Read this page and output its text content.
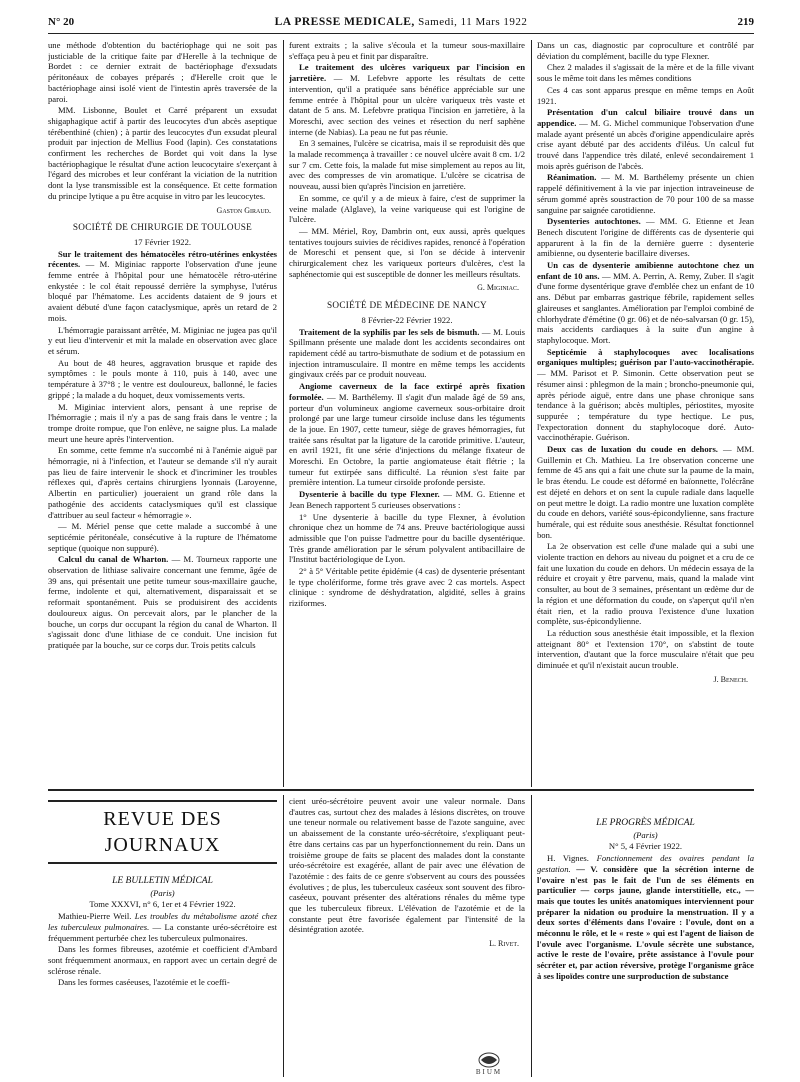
N° 20	LA PRESSE MEDICALE, Samedi, 11 Mars 1922	219

une méthode d'obtention du bactériophage qui ne soit pas justiciable de la critique faite par d'Herelle à la technique de Bordet : ce dernier extrait de bactériophage d'exsudats péritonéaux de cobayes préparés ; d'Herelle croit que le bactériophage ainsi isolé vient de l'intestin après traversée de la paroi.

MM. Lisbonne, Boulet et Carré préparent un exsudat shigaphagique actif à partir des leucocytes d'un abcès aseptique térébenthiné (chien) ; à partir des leucocytes d'un exsudat pleural produit par injection de Mellius Food (lapin). Ces constatations confirment les recherches de Bordet qui voit dans la lyse bactériophagique le résultat d'une action leucocytaire s'exerçant à l'égard des microbes et leur conférant la viciation de la nutrition dont la lyse transmissible est la conséquence. Et cette formation du principe lytique a pu être acquise in vitro par les leucocytes.

Gaston Giraud.

SOCIÉTÉ DE CHIRURGIE DE TOULOUSE

17 Février 1922.

Sur le traitement des hématocèles rétro-utérines enkystées récentes. — M. Miginiac rapporte l'observation d'une jeune femme entrée à l'hôpital pour une hématocèle rétro-utérine enkystée : le col était repoussé derrière la symphyse, l'utérus bloqué par l'hématome. Les accidents dataient de 9 jours et avaient débuté d'une façon cataclysmique, après un retard de 2 mois.

L'hémorragie paraissant arrêtée, M. Miginiac ne jugea pas qu'il y eut lieu d'intervenir et mit la malade en observation avec glace et sérum.

Au bout de 48 heures, aggravation brusque et rapide des symptômes : le pouls monte à 110, puis à 140, avec une température à 37°8 ; le ventre est douloureux, ballonné, le facies grippé ; la malade a du hoquet, deux vomissements verts.

M. Miginiac intervient alors, pensant à une reprise de l'hémorragie ; mais il n'y a pas de sang frais dans le ventre ; la trompe droite rompue, que l'on enlève, ne saigne plus. La malade meurt une heure après l'intervention.

En somme, cette femme n'a succombé ni à l'anémie aiguë par hémorragie, ni à l'infection, et l'auteur se demande s'il n'y aurait pas lieu de faire intervenir le shock et d'incriminer les troubles réflexes qui, d'après certains chirurgiens lyonnais (Laroyenne, Albertin en particulier) joueraient un grand rôle dans la pathogénie des accidents cataclysmiques qu'il est classique d'attribuer au seul facteur « hémorragie ».

— M. Mériel pense que cette malade a succombé à une septicémie péritonéale, consécutive à la rupture de l'hématome septique (quoique non suppuré).

Calcul du canal de Wharton. — M. Tourneux rapporte une observation de lithiase salivaire concernant une femme, âgée de 39 ans, qui présentait une petite tumeur sous-maxillaire gauche, ferme, indolente et qui, alternativement, disparaissait et se reformait spontanément. Puis se produisirent des accidents douloureux aigus. On percevait alors, par le plancher de la bouche, un corps dur occupant la région du canal de Wharton. Il s'agissait donc d'une lithiase de ce conduit. Une incision fut pratiquée par la bouche, sur ce corps dur. Trois petits calculs

furent extraits ; la salive s'écoula et la tumeur sous-maxillaire s'effaça peu à peu et finit par disparaître.

Le traitement des ulcères variqueux par l'incision en jarretière. — M. Lefebvre apporte les résultats de cette intervention, qu'il a pratiquée sans bénéfice appréciable sur une femme entrée à l'hôpital pour un ulcère variqueux très vaste et datant de 5 ans. M. Lefebvre pratiqua l'incision en jarretière, à la Moreschi, avec section des veines et résection du nerf saphène interne (de Nabias). La peau ne fut pas réunie.

En 3 semaines, l'ulcère se cicatrisa, mais il se reproduisit dès que la malade recommença à travailler : ce nouvel ulcère avait 8 cm. 1/2 sur 7 cm. Cette fois, la malade fut mise simplement au repos au lit, avec des compresses de vin aromatique. L'ulcère se cicatrisa de nouveau, aussi bien qu'après l'incision en jarretière.

En somme, ce qu'il y a de mieux à faire, c'est de supprimer la veine malade (Alglave), la veine variqueuse qui est l'origine de l'ulcère.

— MM. Mériel, Roy, Dambrin ont, eux aussi, après quelques tentatives toujours suivies de récidives rapides, renoncé à l'opération de Moreschi et pensent que, si l'on se décide à intervenir chirurgicalement chez les variqueux porteurs d'ulcères, c'est la saphénectomie qui est susceptible de donner les meilleurs résultats.

G. Miginiac.

SOCIÉTÉ DE MÉDECINE DE NANCY

8 Février-22 Février 1922.

Traitement de la syphilis par les sels de bismuth. — M. Louis Spillmann présente une malade dont les accidents secondaires ont rapidement cédé au tartro-bismuthate de sodium et de potassium en injection intramusculaire. Il montre en même temps les accidents gingivaux créés par ce produit nouveau.

Angiome caverneux de la face extirpé après fixation formolée. — M. Barthélemy. Il s'agit d'un malade âgé de 59 ans, porteur d'un volumineux angiome caverneux sous-orbitaire droit prolongé par une large tumeur cirsoïde incluse dans les téguments de la joue. En 1907, cette tumeur, siège de graves hémorragies, fut traitée sans résultat par la ligature de la carotide primitive. L'auteur, en avril 1921, fit une série d'injections du mélange fixateur de Moreschi. En Octobre, la partie angiomateuse était flétrie ; la tumeur fut extirpée sans difficulté. La réunion s'est faite par première intention. La tumeur cirsoïde profonde persiste.

Dysenterie à bacille du type Flexner. — MM. G. Etienne et Jean Benech rapportent 5 curieuses observations :

1° Une dysenterie à bacille du type Flexner, à évolution chronique chez un homme de 74 ans. Preuve bactériologique aussi admissible que l'on puisse l'admettre pour du bacille dysentérique. Très grande amélioration par le sérum polyvalent antibacillaire de l'Institut bactériologique de Lyon.

2° à 5° Véritable petite épidémie (4 cas) de dysenterie présentant le type cholériforme, forme très grave avec 2 cas mortels. Aspect clinique : syndrome de déshydratation, algidité, selles à grains riziformes.

Dans un cas, diagnostic par coproculture et contrôlé par déviation du complément, bacille du type Flexner.

Chez 2 malades il s'agissait de la mère et de la fille vivant sous le même toit dans les mêmes conditions

Ces 4 cas sont apparus presque en même temps en Août 1921.

Présentation d'un calcul biliaire trouvé dans un appendice. — M. G. Michel communique l'observation d'une malade ayant présenté un abcès d'origine appendiculaire après crise ayant débuté par des accidents d'iléus. Un calcul fut trouvé dans l'appendice très dilaté, enlevé secondairement 1 mois après guérison de l'abcès.

Réanimation. — M. M. Barthélemy présente un chien rappelé définitivement à la vie par injection intraveineuse de sérum gommé après soustraction de 70 pour 100 de sa masse sanguine par saignée carotidienne.

Dysenteries autochtones. — MM. G. Etienne et Jean Benech discutent l'origine de différents cas de dysenterie qui apparurent à la fin de la dernière guerre : dysenterie amibienne, ou dysenterie bacillaire diverses.

Un cas de dysenterie amibienne autochtone chez un enfant de 10 ans. — MM. A. Perrin, A. Remy, Zuber. Il s'agit d'une forme dysentérique grave d'emblée chez un enfant de 10 ans. Début par embarras gastrique fébrile, rapidement selles glaireuses et sanglantes. Amélioration par l'emploi combiné de chlorhydrate d'émétine (0 gr. 06) et de néo-salvarsan (0 gr. 15), mais accidents cardiaques à la suite d'un angine à staphylocoque. Mort.

Septicémie à staphylocoques avec localisations organiques multiples; guérison par l'auto-vaccinothérapie. — MM. Parisot et P. Simonin. Cette observation peut se résumer ainsi : phlegmon de la main ; broncho-pneumonie qui, après période aiguë, entre dans une phase chronique sans tendance à la guérison; abcès multiples, périostites, myosite suppurée ; température du type hectique. Le pus, l'expectoration donnent du staphylocoque doré. Auto-vaccinothérapie. Guérison.

Deux cas de luxation du coude en dehors. — MM. Guillemin et Ch. Mathieu. La 1re observation concerne une femme de 45 ans qui a fait une chute sur la paume de la main, le bras étendu. Le coude est déformé en baïonnette, l'olécrâne est déjeté en dehors et on sent la cupule radiale dans laquelle on peut mettre le doigt. La radio montre une luxation complète du coude en dehors, variété sous-épicondylienne, sans fracture humérale, qui est réduite sous anesthésie. Résultat fonctionnel bon.

La 2e observation est celle d'une malade qui a subi une violente traction en dehors au niveau du poignet et a cru de ce fait une luxation du coude en dehors. Un médecin essaya de la réduire et croyait y être parvenu, mais, quand la malade vint consulter, au bout de 3 semaines, présentant un œdème dur de la région et une déformation du coude, on s'aperçut qu'il n'en était rien, et la radio prouva l'existence d'une luxation complète, sus-épicondylienne.

La réduction sous anesthésie était impossible, et la flexion atteignant 80° et l'extension 170°, on s'abstint de toute intervention, d'autant que la force musculaire n'était que peu diminuée et qu'il n'existait aucun trouble.

J. Benech.

REVUE DES JOURNAUX

LE BULLETIN MÉDICAL

(Paris)

Tome XXXVI, n° 6, 1er et 4 Février 1922.

Mathieu-Pierre Weil. Les troubles du métabolisme azoté chez les tuberculeux pulmonaires. — La constante uréo-sécrétoire est fréquemment perturbée chez les tuberculeux pulmonaires.

Dans les formes fibreuses, azotémie et coefficient d'Ambard sont fréquemment anormaux, en rapport avec un certain degré de sclérose rénale.

Dans les formes caséeuses, l'azotémie et le coeffi-

cient uréo-sécrétoire peuvent avoir une valeur normale. Dans d'autres cas, surtout chez des malades à lésions discrètes, on trouve une teneur normale ou relativement basse de l'azote sanguine, avec un abaissement de la constante uréo-sécrétoire, s'expliquant peut-être dans certains cas par un hyperfonctionnement du rein. Dans un troisième groupe de faits se placent des malades dont la constante uréo-sécrétoire est exagérée, allant de pair avec une élévation de l'azotémie : des faits de ce genre s'observent au cours des poussées évolutives ; de plus, les tuberculeux caséeux sont souvent des fibro-caséeux, pouvant présenter des altérations rénales du même type que les tuberculeux fibreux. L'élévation de l'azotémie et de la constante peut être favorisée également par l'intensité de la désintégration azotée.

L. Rivet.

LE PROGRÈS MÉDICAL

(Paris)

N° 5, 4 Février 1922.

H. Vignes. Fonctionnement des ovaires pendant la gestation. — V. considère que la sécrétion interne de l'ovaire n'est pas le fait de l'un de ses éléments en particulier — corps jaune, glande interstitielle, etc., — mais que toutes les unités anatomiques interviennent pour préparer la nidation ou produire la menstruation. Il y a deux sortes d'éléments dans l'ovaire : l'ovule, dont on a méconnu le rôle, et le « reste » qui est l'agent de liaison de l'ovule avec l'organisme. L'ovule sécrète une substance, active le reste de l'ovaire, prête assistance à l'ovule pour sécréter et, par action réversive, protège l'organisme grâce à ses lipoïdes contre une surproduction de substance

BIUM
